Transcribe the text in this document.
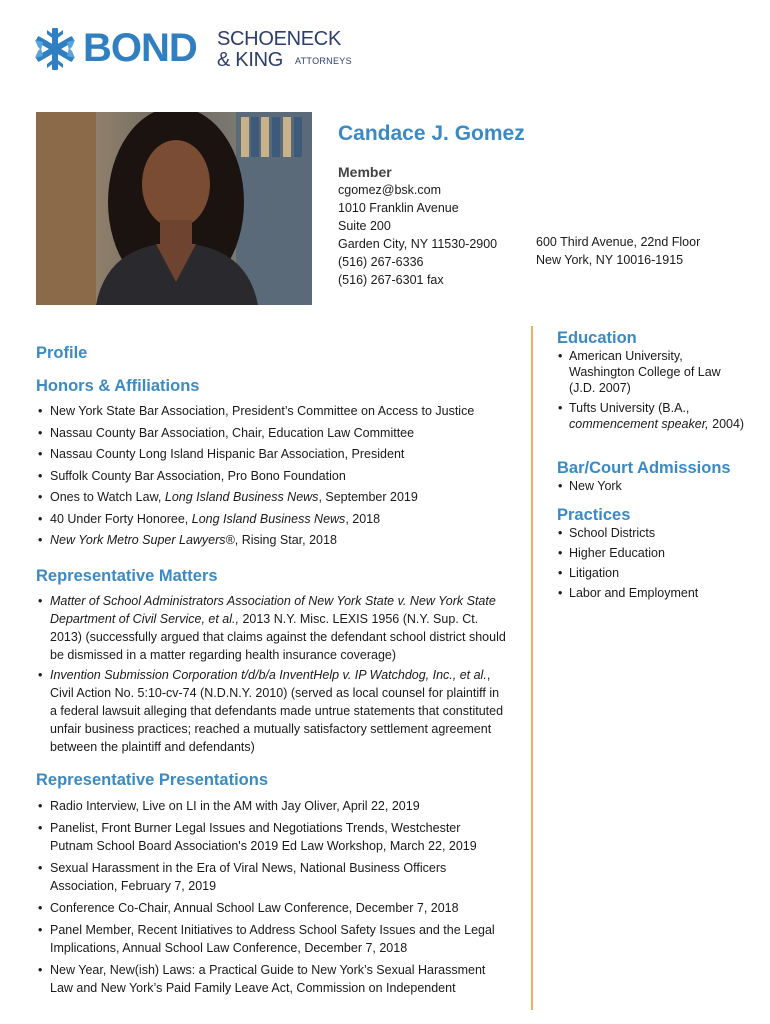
BOND SCHOENECK
& KING ATTORNEYS
Candace J. Gomez
Member
cgomez@bsk.com
1010 Franklin Avenue
Suite 200
Garden City, NY 11530-2900
(516) 267-6336
(516) 267-6301 fax
600 Third Avenue, 22nd Floor
New York, NY 10016-1915
Profile
Honors & Affiliations
• New York State Bar Association, President’s Committee on Access to Justice
• Nassau County Bar Association, Chair, Education Law Committee
• Nassau County Long Island Hispanic Bar Association, President
• Suffolk County Bar Association, Pro Bono Foundation
• Ones to Watch Law, Long Island Business News, September 2019
• 40 Under Forty Honoree, Long Island Business News, 2018
• New York Metro Super Lawyers®, Rising Star, 2018
Representative Matters
• Matter of School Administrators Association of New York State v. New York State Department of Civil Service, et al., 2013 N.Y. Misc. LEXIS 1956 (N.Y. Sup. Ct. 2013) (successfully argued that claims against the defendant school district should be dismissed in a matter regarding health insurance coverage)
• Invention Submission Corporation t/d/b/a InventHelp v. IP Watchdog, Inc., et al., Civil Action No. 5:10-cv-74 (N.D.N.Y. 2010) (served as local counsel for plaintiff in a federal lawsuit alleging that defendants made untrue statements that constituted unfair business practices; reached a mutually satisfactory settlement agreement between the plaintiff and defendants)
Representative Presentations
• Radio Interview, Live on LI in the AM with Jay Oliver, April 22, 2019
• Panelist, Front Burner Legal Issues and Negotiations Trends, Westchester Putnam School Board Association's 2019 Ed Law Workshop, March 22, 2019
• Sexual Harassment in the Era of Viral News, National Business Officers Association, February 7, 2019
• Conference Co-Chair, Annual School Law Conference, December 7, 2018
• Panel Member, Recent Initiatives to Address School Safety Issues and the Legal Implications, Annual School Law Conference, December 7, 2018
• New Year, New(ish) Laws: a Practical Guide to New York’s Sexual Harassment Law and New York’s Paid Family Leave Act, Commission on Independent
Education
• American University, Washington College of Law (J.D. 2007)
• Tufts University (B.A., commencement speaker, 2004)
Bar/Court Admissions
• New York
Practices
• School Districts
• Higher Education
• Litigation
• Labor and Employment
